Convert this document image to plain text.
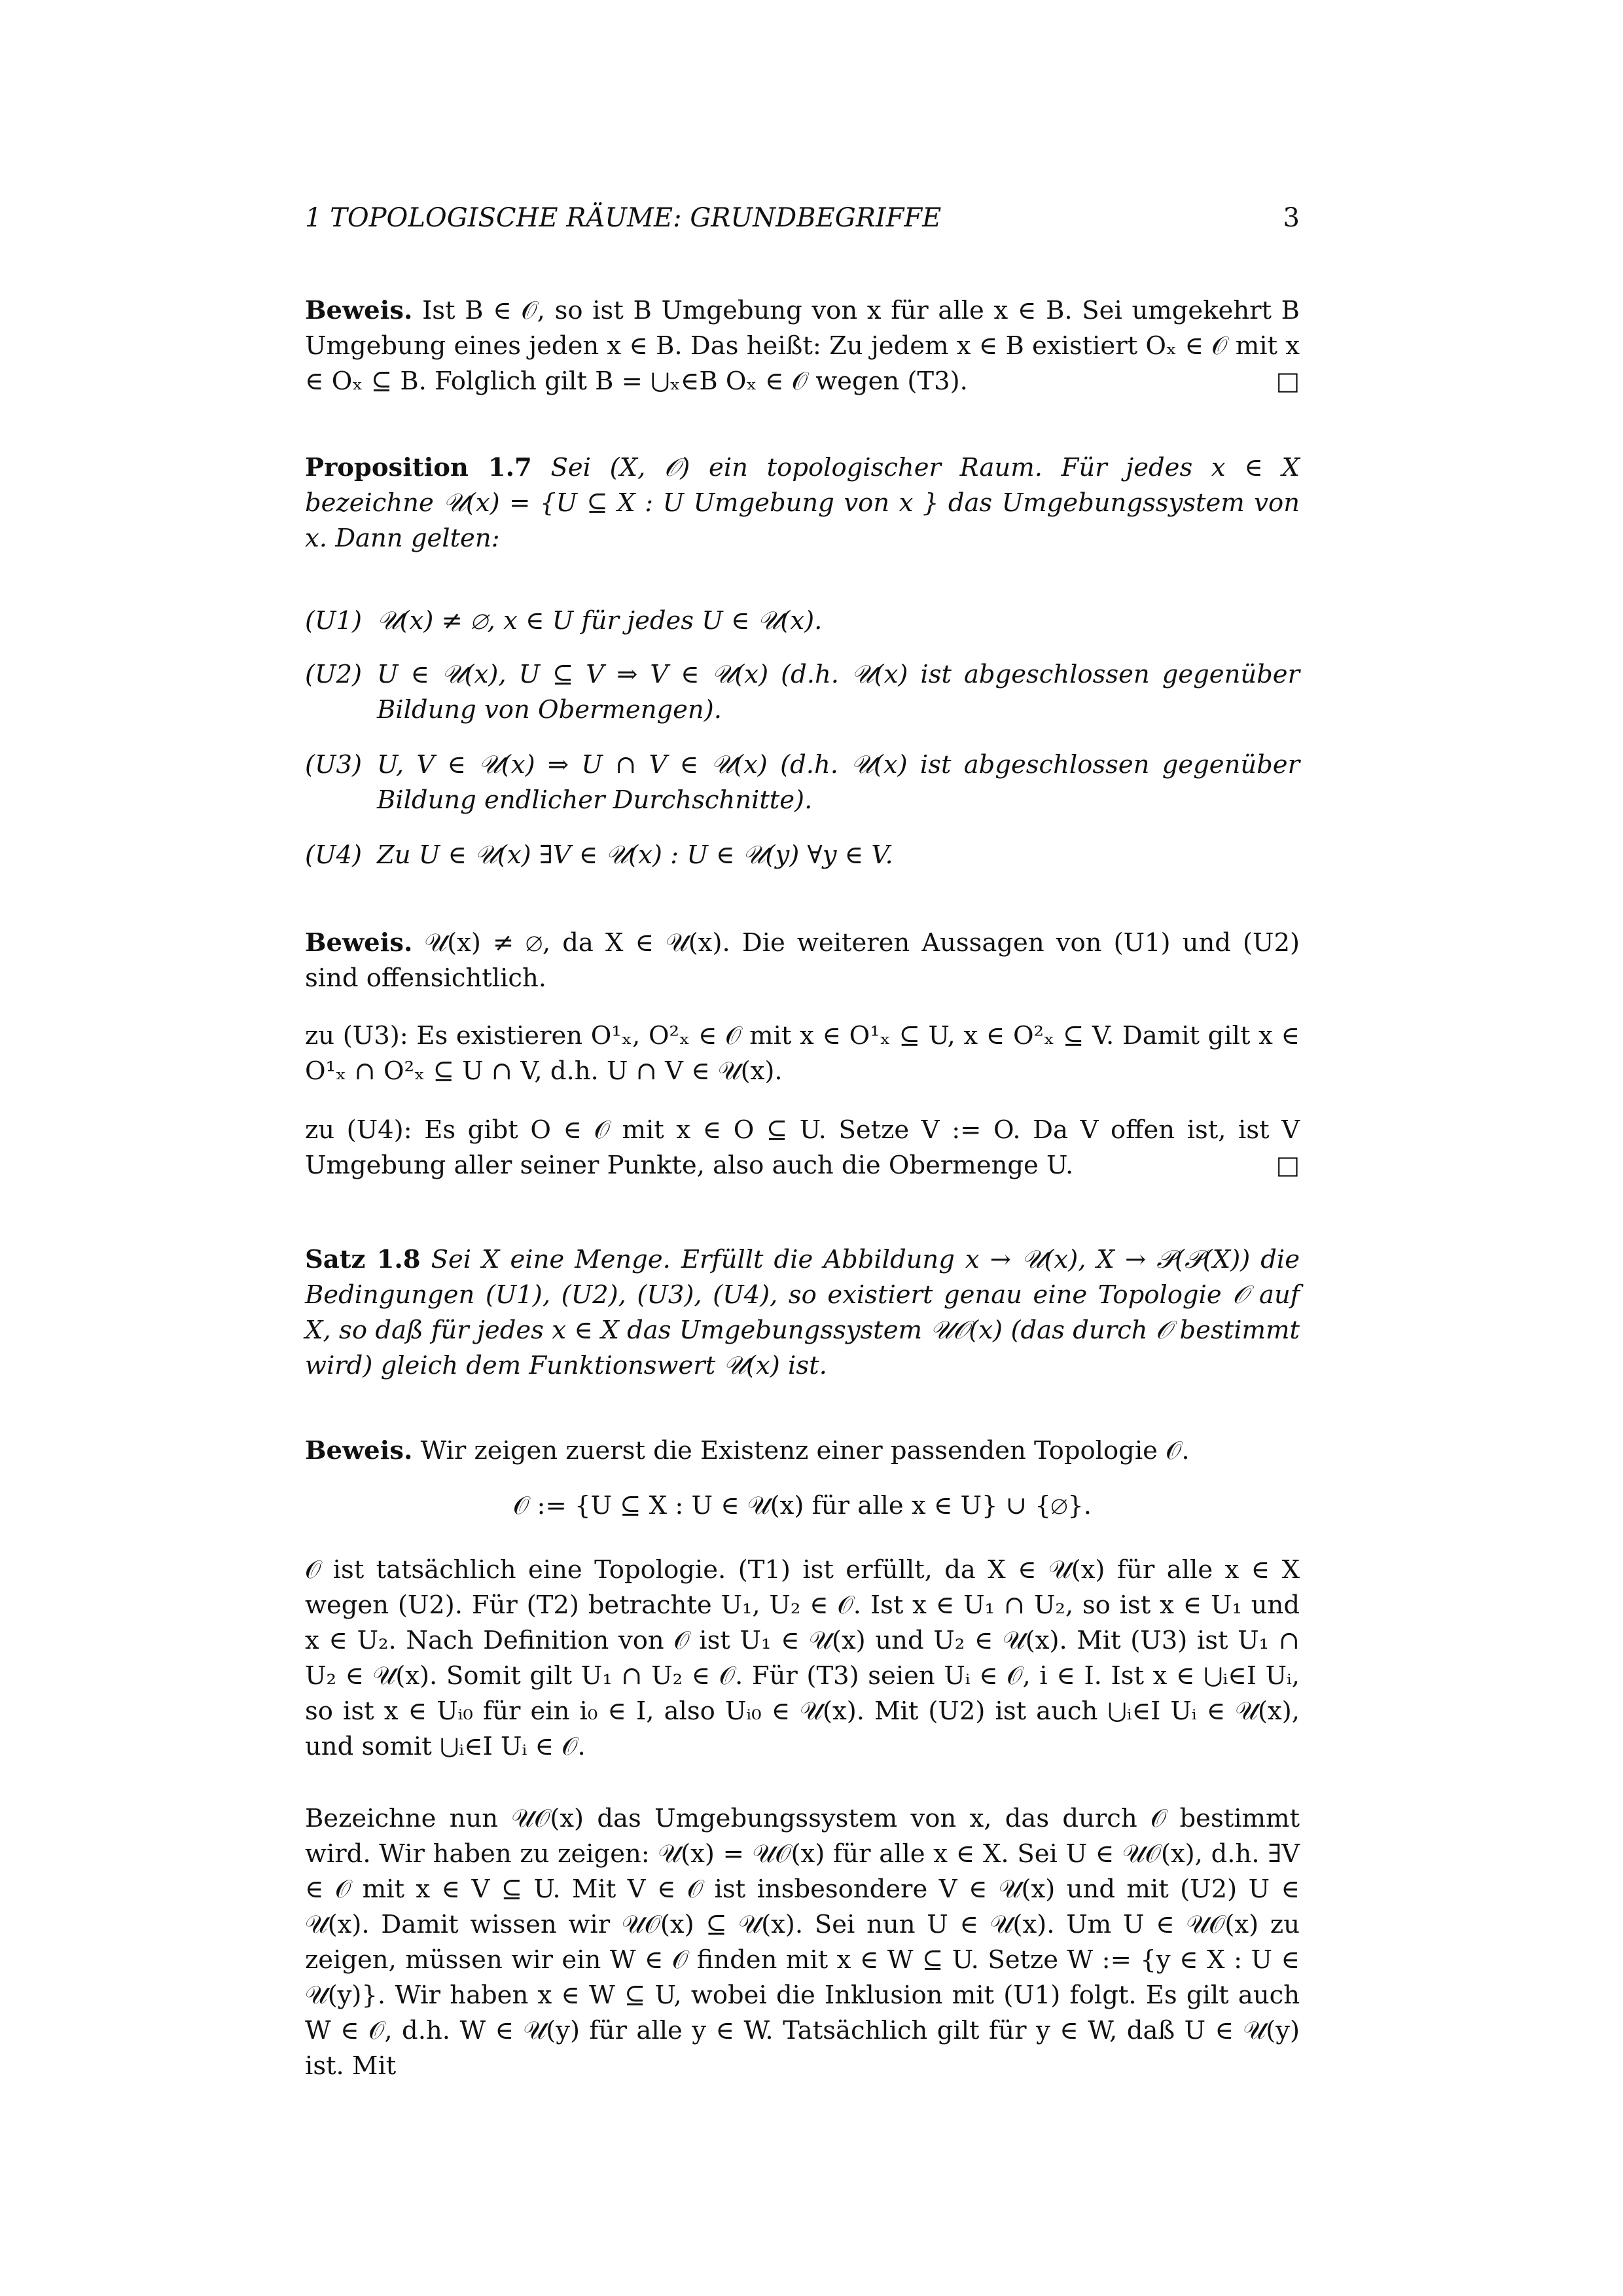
1 TOPOLOGISCHE RÄUME: GRUNDBEGRIFFE	3
Beweis. Ist B ∈ 𝒪, so ist B Umgebung von x für alle x ∈ B. Sei umgekehrt B Umgebung eines jeden x ∈ B. Das heißt: Zu jedem x ∈ B existiert Oₓ ∈ 𝒪 mit x ∈ Oₓ ⊆ B. Folglich gilt B = ⋃ₓ∈B Oₓ ∈ 𝒪 wegen (T3).	□
Proposition 1.7 Sei (X, 𝒪) ein topologischer Raum. Für jedes x ∈ X bezeichne 𝒰(x) = {U ⊆ X : U Umgebung von x } das Umgebungssystem von x. Dann gelten:
(U1) 𝒰(x) ≠ ∅, x ∈ U für jedes U ∈ 𝒰(x).
(U2) U ∈ 𝒰(x), U ⊆ V ⇒ V ∈ 𝒰(x) (d.h. 𝒰(x) ist abgeschlossen gegenüber Bildung von Obermengen).
(U3) U, V ∈ 𝒰(x) ⇒ U ∩ V ∈ 𝒰(x) (d.h. 𝒰(x) ist abgeschlossen gegenüber Bildung endlicher Durchschnitte).
(U4) Zu U ∈ 𝒰(x) ∃V ∈ 𝒰(x) : U ∈ 𝒰(y) ∀y ∈ V.
Beweis. 𝒰(x) ≠ ∅, da X ∈ 𝒰(x). Die weiteren Aussagen von (U1) und (U2) sind offensichtlich.
zu (U3): Es existieren O¹ₓ, O²ₓ ∈ 𝒪 mit x ∈ O¹ₓ ⊆ U, x ∈ O²ₓ ⊆ V. Damit gilt x ∈ O¹ₓ ∩ O²ₓ ⊆ U ∩ V, d.h. U ∩ V ∈ 𝒰(x).
zu (U4): Es gibt O ∈ 𝒪 mit x ∈ O ⊆ U. Setze V := O. Da V offen ist, ist V Umgebung aller seiner Punkte, also auch die Obermenge U.	□
Satz 1.8 Sei X eine Menge. Erfüllt die Abbildung x → 𝒰(x), X → 𝒫(𝒫(X)) die Bedingungen (U1), (U2), (U3), (U4), so existiert genau eine Topologie 𝒪 auf X, so daß für jedes x ∈ X das Umgebungssystem 𝒰𝒪(x) (das durch 𝒪 bestimmt wird) gleich dem Funktionswert 𝒰(x) ist.
Beweis. Wir zeigen zuerst die Existenz einer passenden Topologie 𝒪.
𝒪 := {U ⊆ X : U ∈ 𝒰(x) für alle x ∈ U} ∪ {∅}.
𝒪 ist tatsächlich eine Topologie. (T1) ist erfüllt, da X ∈ 𝒰(x) für alle x ∈ X wegen (U2). Für (T2) betrachte U₁, U₂ ∈ 𝒪. Ist x ∈ U₁ ∩ U₂, so ist x ∈ U₁ und x ∈ U₂. Nach Definition von 𝒪 ist U₁ ∈ 𝒰(x) und U₂ ∈ 𝒰(x). Mit (U3) ist U₁ ∩ U₂ ∈ 𝒰(x). Somit gilt U₁ ∩ U₂ ∈ 𝒪. Für (T3) seien Uᵢ ∈ 𝒪, i ∈ I. Ist x ∈ ⋃ᵢ∈I Uᵢ, so ist x ∈ Uᵢ₀ für ein i₀ ∈ I, also Uᵢ₀ ∈ 𝒰(x). Mit (U2) ist auch ⋃ᵢ∈I Uᵢ ∈ 𝒰(x), und somit ⋃ᵢ∈I Uᵢ ∈ 𝒪.
Bezeichne nun 𝒰𝒪(x) das Umgebungssystem von x, das durch 𝒪 bestimmt wird. Wir haben zu zeigen: 𝒰(x) = 𝒰𝒪(x) für alle x ∈ X. Sei U ∈ 𝒰𝒪(x), d.h. ∃V ∈ 𝒪 mit x ∈ V ⊆ U. Mit V ∈ 𝒪 ist insbesondere V ∈ 𝒰(x) und mit (U2) U ∈ 𝒰(x). Damit wissen wir 𝒰𝒪(x) ⊆ 𝒰(x). Sei nun U ∈ 𝒰(x). Um U ∈ 𝒰𝒪(x) zu zeigen, müssen wir ein W ∈ 𝒪 finden mit x ∈ W ⊆ U. Setze W := {y ∈ X : U ∈ 𝒰(y)}. Wir haben x ∈ W ⊆ U, wobei die Inklusion mit (U1) folgt. Es gilt auch W ∈ 𝒪, d.h. W ∈ 𝒰(y) für alle y ∈ W. Tatsächlich gilt für y ∈ W, daß U ∈ 𝒰(y) ist. Mit
